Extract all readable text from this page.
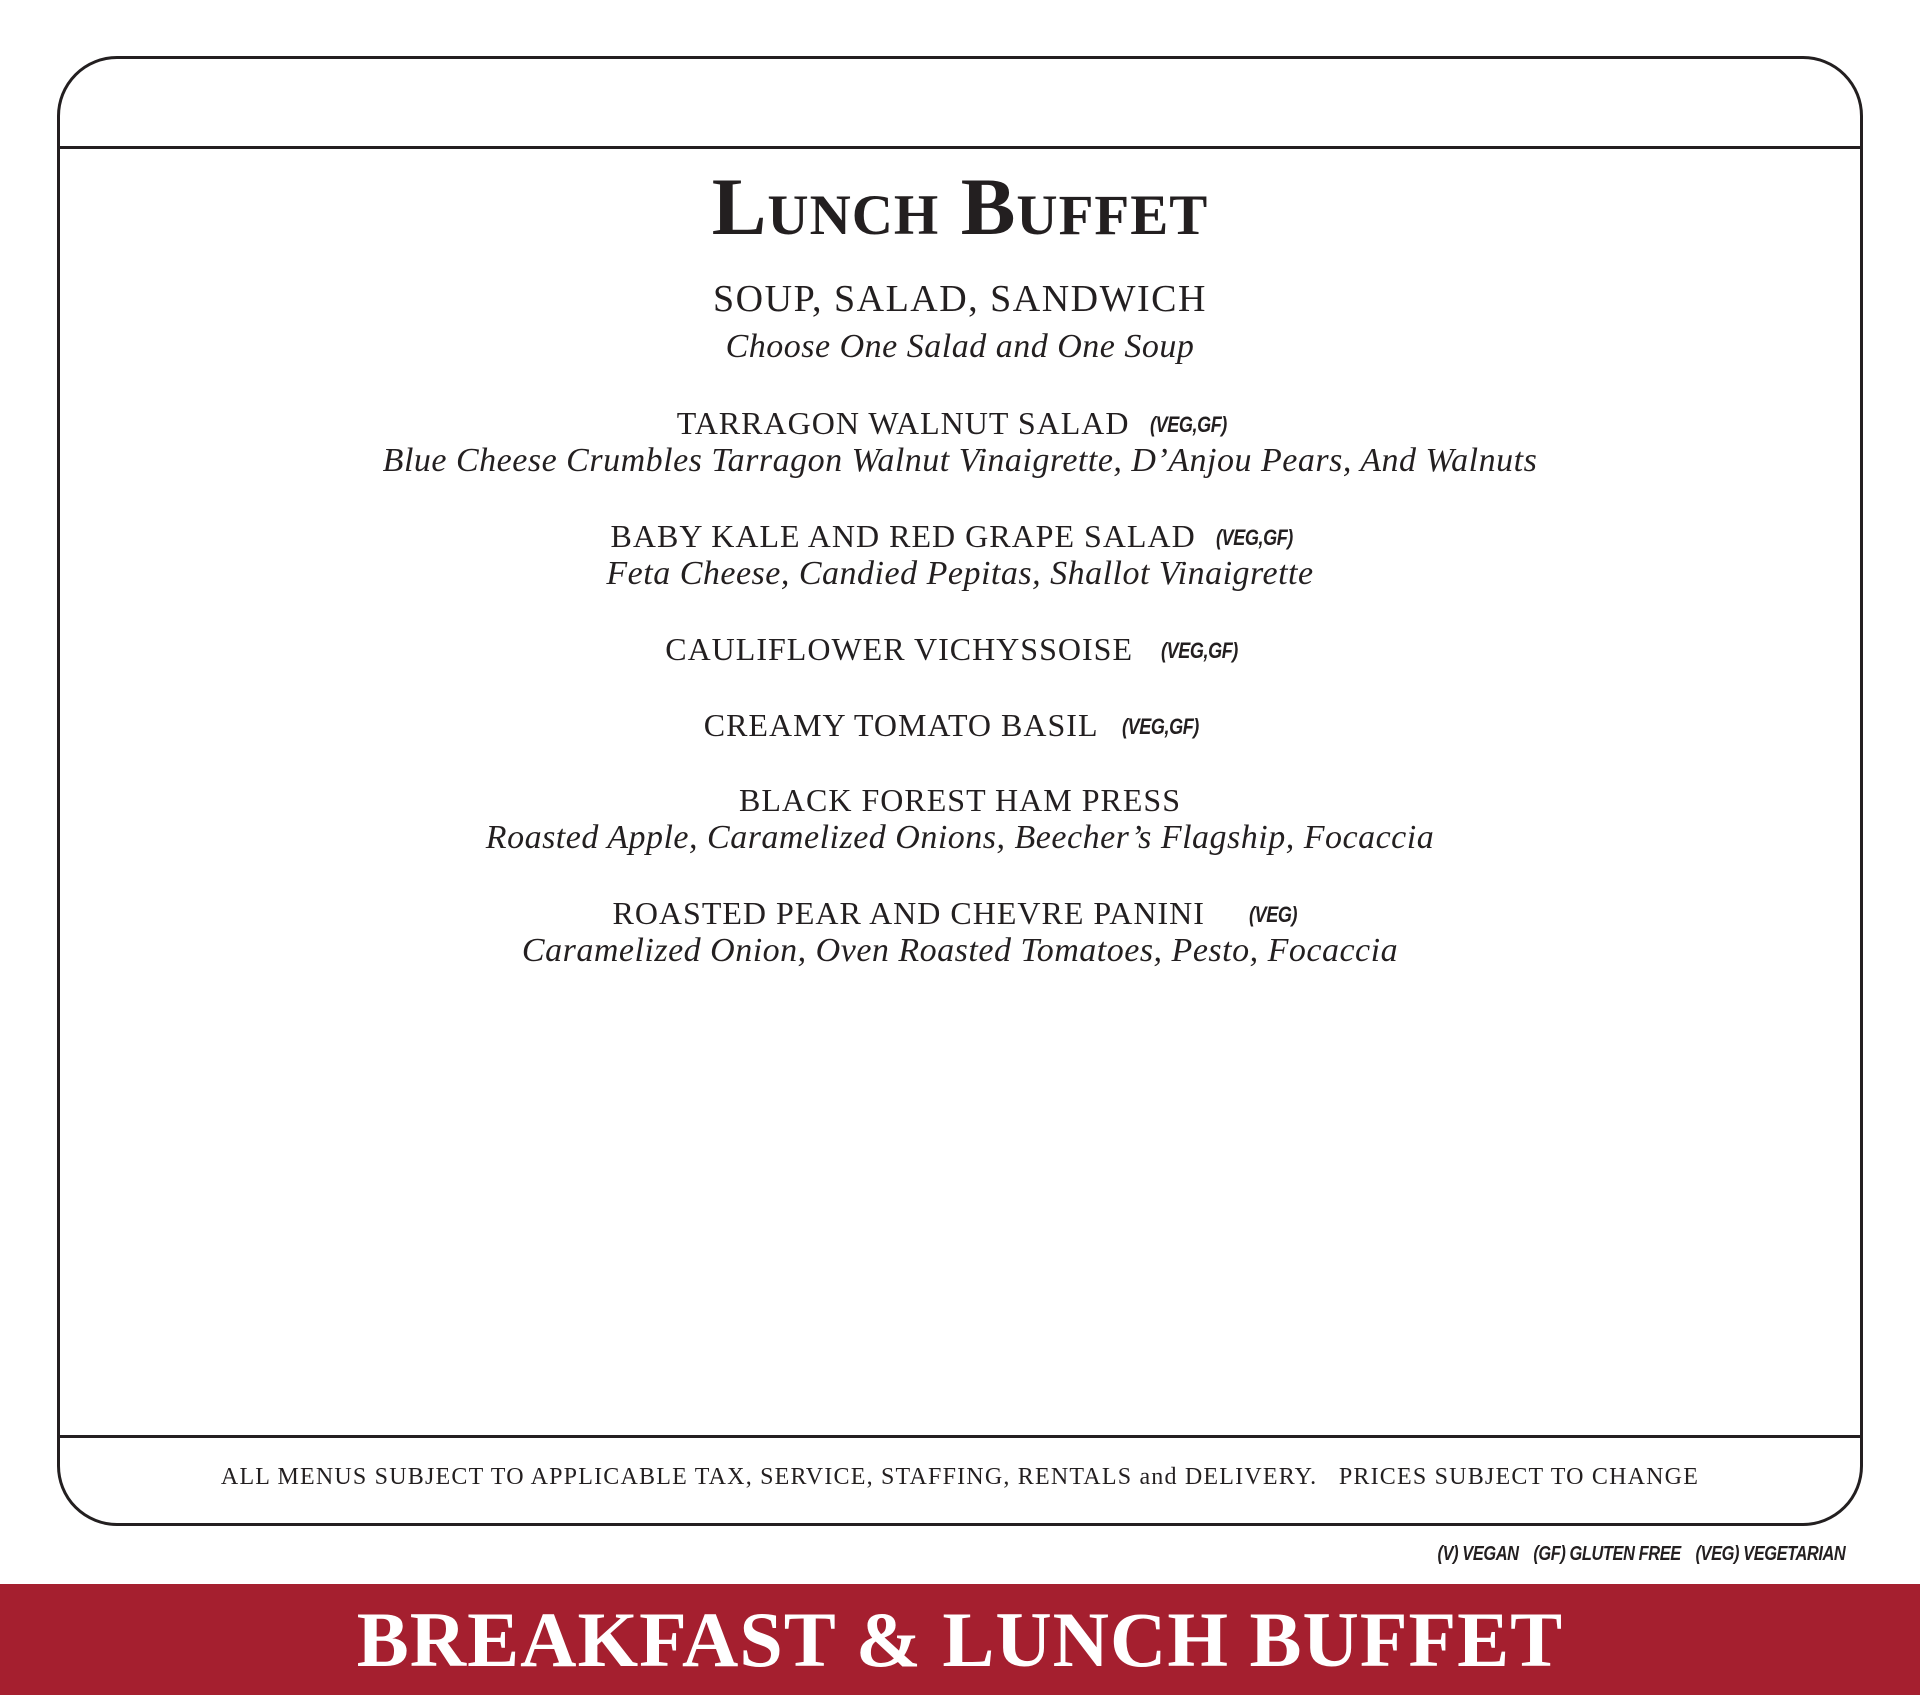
Lunch Buffet
SOUP, SALAD, SANDWICH
Choose One Salad and One Soup
TARRAGON WALNUT SALAD (VEG,GF)
Blue Cheese Crumbles Tarragon Walnut Vinaigrette, D’Anjou Pears, And Walnuts
BABY KALE AND RED GRAPE SALAD (VEG,GF)
Feta Cheese, Candied Pepitas, Shallot Vinaigrette
CAULIFLOWER VICHYSSOISE (VEG,GF)
CREAMY TOMATO BASIL (VEG,GF)
BLACK FOREST HAM PRESS
Roasted Apple, Caramelized Onions, Beecher’s Flagship, Focaccia
ROASTED PEAR AND CHEVRE PANINI (VEG)
Caramelized Onion, Oven Roasted Tomatoes, Pesto, Focaccia
ALL MENUS SUBJECT TO APPLICABLE TAX, SERVICE, STAFFING, RENTALS and DELIVERY.   PRICES SUBJECT TO CHANGE
(V) VEGAN (GF) GLUTEN FREE (VEG) VEGETARIAN
BREAKFAST & LUNCH BUFFET
